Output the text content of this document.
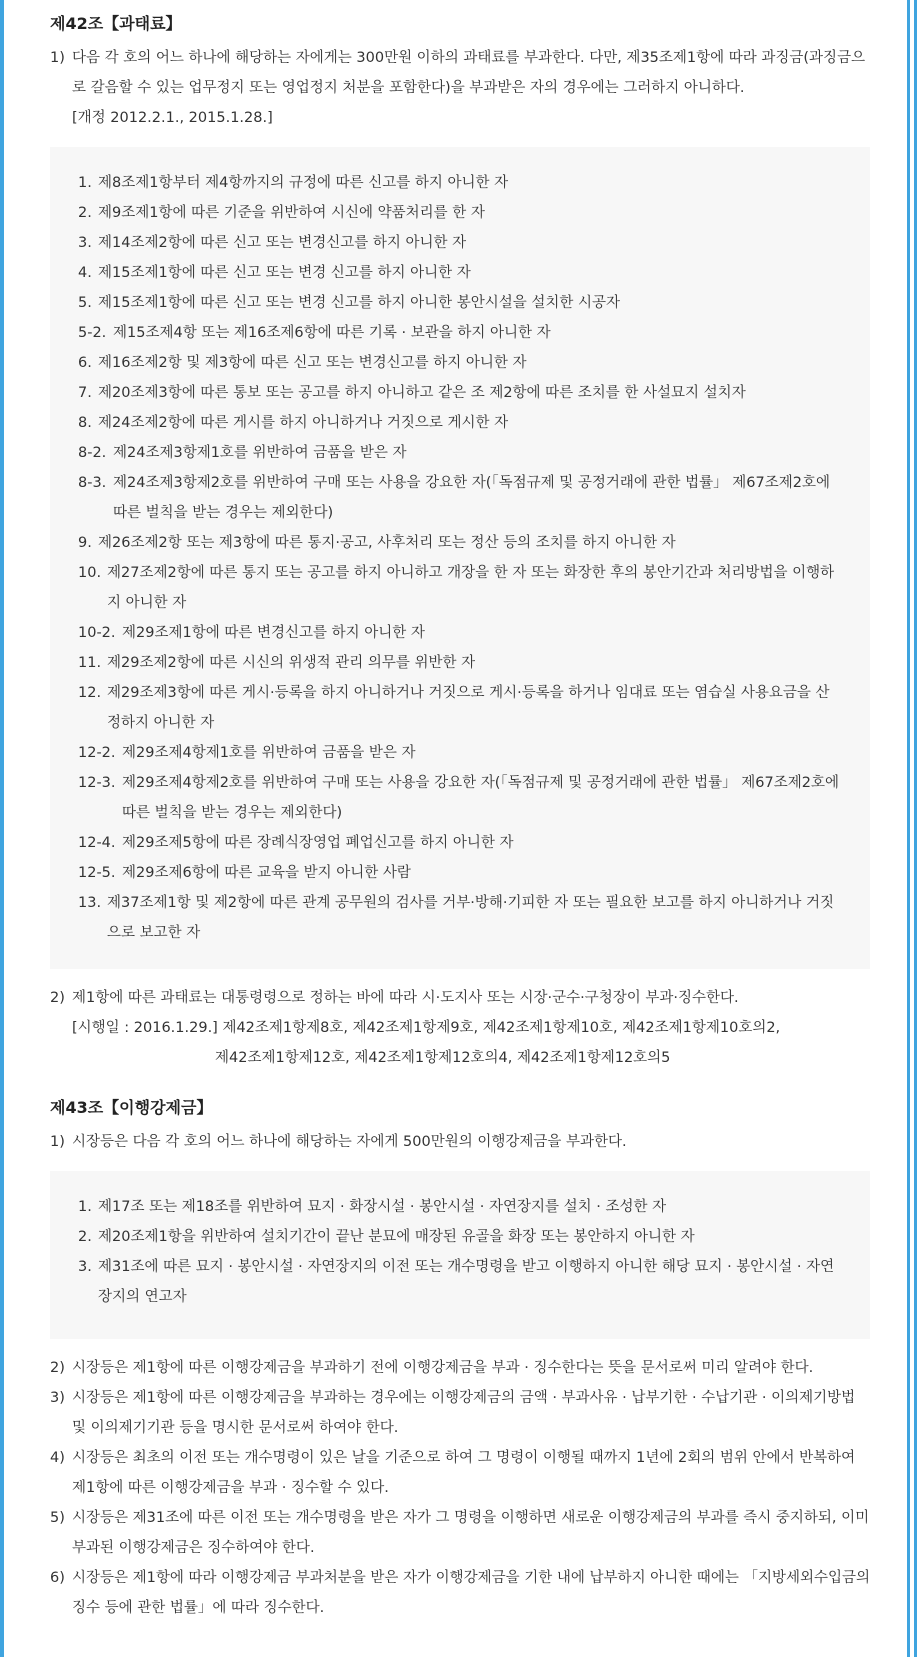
제42조【과태료】
1) 다음 각 호의 어느 하나에 해당하는 자에게는 300만원 이하의 과태료를 부과한다. 다만, 제35조제1항에 따라 과징금(과징금으로 갈음할 수 있는 업무정지 또는 영업정지 처분을 포함한다)을 부과받은 자의 경우에는 그러하지 아니하다.
[개정 2012.2.1., 2015.1.28.]
1. 제8조제1항부터 제4항까지의 규정에 따른 신고를 하지 아니한 자
2. 제9조제1항에 따른 기준을 위반하여 시신에 약품처리를 한 자
3. 제14조제2항에 따른 신고 또는 변경신고를 하지 아니한 자
4. 제15조제1항에 따른 신고 또는 변경 신고를 하지 아니한 자
5. 제15조제1항에 따른 신고 또는 변경 신고를 하지 아니한 봉안시설을 설치한 시공자
5-2. 제15조제4항 또는 제16조제6항에 따른 기록 · 보관을 하지 아니한 자
6. 제16조제2항 및 제3항에 따른 신고 또는 변경신고를 하지 아니한 자
7. 제20조제3항에 따른 통보 또는 공고를 하지 아니하고 같은 조 제2항에 따른 조치를 한 사설묘지 설치자
8. 제24조제2항에 따른 게시를 하지 아니하거나 거짓으로 게시한 자
8-2. 제24조제3항제1호를 위반하여 금품을 받은 자
8-3. 제24조제3항제2호를 위반하여 구매 또는 사용을 강요한 자(「독점규제 및 공정거래에 관한 법률」 제67조제2호에 따른 벌칙을 받는 경우는 제외한다)
9. 제26조제2항 또는 제3항에 따른 통지·공고, 사후처리 또는 정산 등의 조치를 하지 아니한 자
10. 제27조제2항에 따른 통지 또는 공고를 하지 아니하고 개장을 한 자 또는 화장한 후의 봉안기간과 처리방법을 이행하지 아니한 자
10-2. 제29조제1항에 따른 변경신고를 하지 아니한 자
11. 제29조제2항에 따른 시신의 위생적 관리 의무를 위반한 자
12. 제29조제3항에 따른 게시·등록을 하지 아니하거나 거짓으로 게시·등록을 하거나 임대료 또는 염습실 사용요금을 산정하지 아니한 자
12-2. 제29조제4항제1호를 위반하여 금품을 받은 자
12-3. 제29조제4항제2호를 위반하여 구매 또는 사용을 강요한 자(「독점규제 및 공정거래에 관한 법률」 제67조제2호에 따른 벌칙을 받는 경우는 제외한다)
12-4. 제29조제5항에 따른 장례식장영업 폐업신고를 하지 아니한 자
12-5. 제29조제6항에 따른 교육을 받지 아니한 사람
13. 제37조제1항 및 제2항에 따른 관계 공무원의 검사를 거부·방해·기피한 자 또는 필요한 보고를 하지 아니하거나 거짓으로 보고한 자
2) 제1항에 따른 과태료는 대통령령으로 정하는 바에 따라 시·도지사 또는 시장·군수·구청장이 부과·징수한다.
[시행일 : 2016.1.29.] 제42조제1항제8호, 제42조제1항제9호, 제42조제1항제10호, 제42조제1항제10호의2,
제42조제1항제12호, 제42조제1항제12호의4, 제42조제1항제12호의5
제43조【이행강제금】
1) 시장등은 다음 각 호의 어느 하나에 해당하는 자에게 500만원의 이행강제금을 부과한다.
1. 제17조 또는 제18조를 위반하여 묘지 · 화장시설 · 봉안시설 · 자연장지를 설치 · 조성한 자
2. 제20조제1항을 위반하여 설치기간이 끝난 분묘에 매장된 유골을 화장 또는 봉안하지 아니한 자
3. 제31조에 따른 묘지 · 봉안시설 · 자연장지의 이전 또는 개수명령을 받고 이행하지 아니한 해당 묘지 · 봉안시설 · 자연장지의 연고자
2) 시장등은 제1항에 따른 이행강제금을 부과하기 전에 이행강제금을 부과 · 징수한다는 뜻을 문서로써 미리 알려야 한다.
3) 시장등은 제1항에 따른 이행강제금을 부과하는 경우에는 이행강제금의 금액 · 부과사유 · 납부기한 · 수납기관 · 이의제기방법 및 이의제기기관 등을 명시한 문서로써 하여야 한다.
4) 시장등은 최초의 이전 또는 개수명령이 있은 날을 기준으로 하여 그 명령이 이행될 때까지 1년에 2회의 범위 안에서 반복하여 제1항에 따른 이행강제금을 부과 · 징수할 수 있다.
5) 시장등은 제31조에 따른 이전 또는 개수명령을 받은 자가 그 명령을 이행하면 새로운 이행강제금의 부과를 즉시 중지하되, 이미 부과된 이행강제금은 징수하여야 한다.
6) 시장등은 제1항에 따라 이행강제금 부과처분을 받은 자가 이행강제금을 기한 내에 납부하지 아니한 때에는 「지방세외수입금의 징수 등에 관한 법률」에 따라 징수한다.
